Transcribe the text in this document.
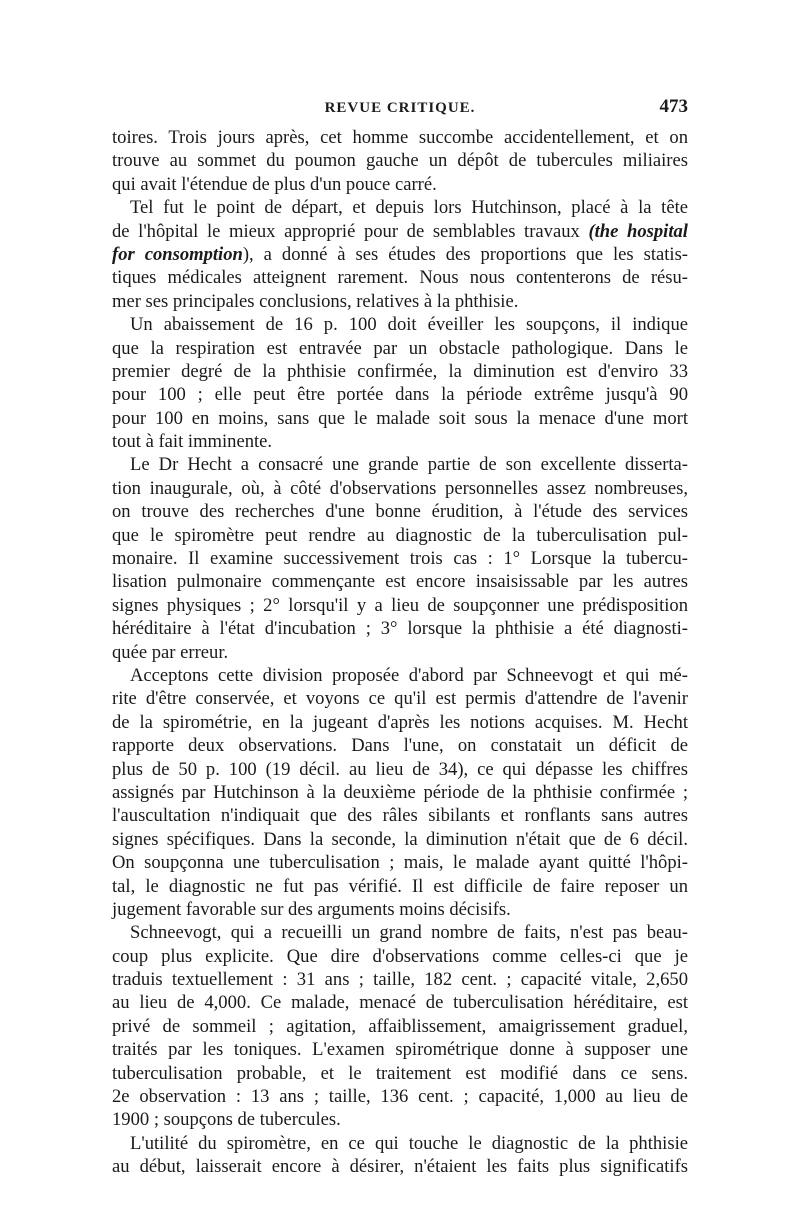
REVUE CRITIQUE.	473
toires. Trois jours après, cet homme succombe accidentellement, et on
trouve au sommet du poumon gauche un dépôt de tubercules miliaires
qui avait l'étendue de plus d'un pouce carré.
Tel fut le point de départ, et depuis lors Hutchinson, placé à la tête
de l'hôpital le mieux approprié pour de semblables travaux (the hospital
for consomption), a donné à ses études des proportions que les statis-
tiques médicales atteignent rarement. Nous nous contenterons de résu-
mer ses principales conclusions, relatives à la phthisie.
Un abaissement de 16 p. 100 doit éveiller les soupçons, il indique
que la respiration est entravée par un obstacle pathologique. Dans le
premier degré de la phthisie confirmée, la diminution est d'enviro 33
pour 100 ; elle peut être portée dans la période extrême jusqu'à 90
pour 100 en moins, sans que le malade soit sous la menace d'une mort
tout à fait imminente.
Le Dr Hecht a consacré une grande partie de son excellente disserta-
tion inaugurale, où, à côté d'observations personnelles assez nombreuses,
on trouve des recherches d'une bonne érudition, à l'étude des services
que le spiromètre peut rendre au diagnostic de la tuberculisation pul-
monaire. Il examine successivement trois cas : 1° Lorsque la tubercu-
lisation pulmonaire commençante est encore insaisissable par les autres
signes physiques ; 2° lorsqu'il y a lieu de soupçonner une prédisposition
héréditaire à l'état d'incubation ; 3° lorsque la phthisie a été diagnosti-
quée par erreur.
Acceptons cette division proposée d'abord par Schneevogt et qui mé-
rite d'être conservée, et voyons ce qu'il est permis d'attendre de l'avenir
de la spirométrie, en la jugeant d'après les notions acquises. M. Hecht
rapporte deux observations. Dans l'une, on constatait un déficit de
plus de 50 p. 100 (19 décil. au lieu de 34), ce qui dépasse les chiffres
assignés par Hutchinson à la deuxième période de la phthisie confirmée ;
l'auscultation n'indiquait que des râles sibilants et ronflants sans autres
signes spécifiques. Dans la seconde, la diminution n'était que de 6 décil.
On soupçonna une tuberculisation ; mais, le malade ayant quitté l'hôpi-
tal, le diagnostic ne fut pas vérifié. Il est difficile de faire reposer un
jugement favorable sur des arguments moins décisifs.
Schneevogt, qui a recueilli un grand nombre de faits, n'est pas beau-
coup plus explicite. Que dire d'observations comme celles-ci que je
traduis textuellement : 31 ans ; taille, 182 cent. ; capacité vitale, 2,650
au lieu de 4,000. Ce malade, menacé de tuberculisation héréditaire, est
privé de sommeil ; agitation, affaiblissement, amaigrissement graduel,
traités par les toniques. L'examen spirométrique donne à supposer une
tuberculisation probable, et le traitement est modifié dans ce sens.
2e observation : 13 ans ; taille, 136 cent. ; capacité, 1,000 au lieu de
1900 ; soupçons de tubercules.
L'utilité du spiromètre, en ce qui touche le diagnostic de la phthisie
au début, laisserait encore à désirer, n'étaient les faits plus significatifs
